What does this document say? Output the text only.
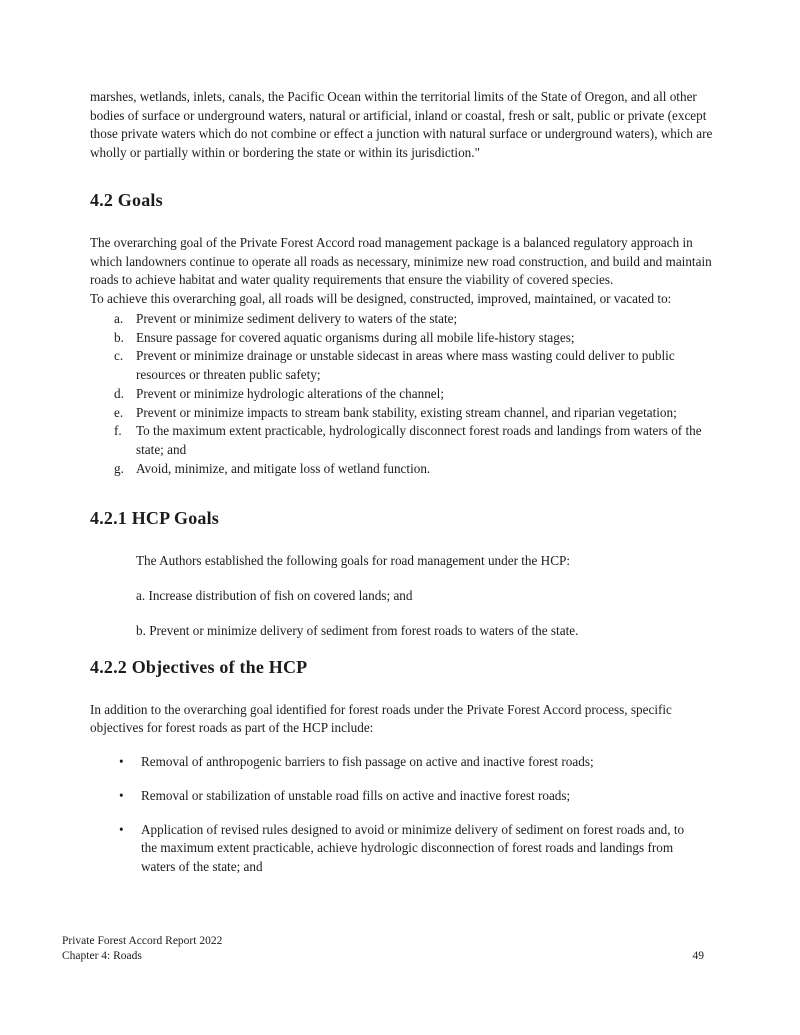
marshes, wetlands, inlets, canals, the Pacific Ocean within the territorial limits of the State of Oregon, and all other bodies of surface or underground waters, natural or artificial, inland or coastal, fresh or salt, public or private (except those private waters which do not combine or effect a junction with natural surface or underground waters), which are wholly or partially within or bordering the state or within its jurisdiction."

4.2 Goals

The overarching goal of the Private Forest Accord road management package is a balanced regulatory approach in which landowners continue to operate all roads as necessary, minimize new road construction, and build and maintain roads to achieve habitat and water quality requirements that ensure the viability of covered species.

To achieve this overarching goal, all roads will be designed, constructed, improved, maintained, or vacated to:

a. Prevent or minimize sediment delivery to waters of the state;
b. Ensure passage for covered aquatic organisms during all mobile life-history stages;
c. Prevent or minimize drainage or unstable sidecast in areas where mass wasting could deliver to public resources or threaten public safety;
d. Prevent or minimize hydrologic alterations of the channel;
e. Prevent or minimize impacts to stream bank stability, existing stream channel, and riparian vegetation;
f.	To the maximum extent practicable, hydrologically disconnect forest roads and landings from waters of the state; and
g. Avoid, minimize, and mitigate loss of wetland function.
4.2.1 HCP Goals

The Authors established the following goals for road management under the HCP:

a. Increase distribution of fish on covered lands; and

b. Prevent or minimize delivery of sediment from forest roads to waters of the state.

4.2.2 Objectives of the HCP

In addition to the overarching goal identified for forest roads under the Private Forest Accord process, specific objectives for forest roads as part of the HCP include:

•
Removal of anthropogenic barriers to fish passage on active and inactive forest roads;
•
Removal or stabilization of unstable road fills on active and inactive forest roads;
•
Application of revised rules designed to avoid or minimize delivery of sediment on forest roads and, to the maximum extent practicable, achieve hydrologic disconnection of forest roads and landings from waters of the state; and
Private Forest Accord Report 2022
Chapter 4: Roads	49
